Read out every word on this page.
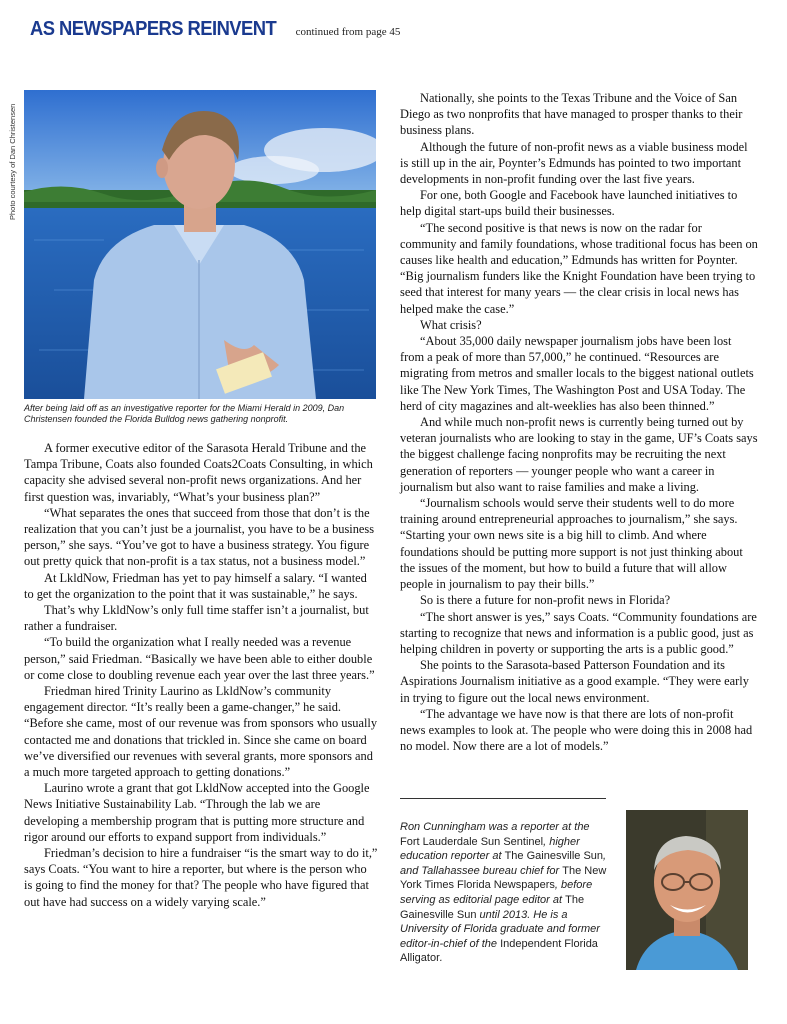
AS NEWSPAPERS REINVENT continued from page 45
Photo courtesy of Dan Christensen
After being laid off as an investigative reporter for the Miami Herald in 2009, Dan Christensen founded the Florida Bulldog news gathering nonprofit.

A former executive editor of the Sarasota Herald Tribune and the Tampa Tribune, Coats also founded Coats2Coats Consulting, in which capacity she advised several non-profit news organizations. And her first question was, invariably, “What’s your business plan?”

“What separates the ones that succeed from those that don’t is the realization that you can’t just be a journalist, you have to be a business person,” she says. “You’ve got to have a business strategy. You figure out pretty quick that non-profit is a tax status, not a business model.”

At LkldNow, Friedman has yet to pay himself a salary. “I wanted to get the organization to the point that it was sustainable,” he says.

That’s why LkldNow’s only full time staffer isn’t a journalist, but rather a fundraiser.

“To build the organization what I really needed was a revenue person,” said Friedman. “Basically we have been able to either double or come close to doubling revenue each year over the last three years.”

Friedman hired Trinity Laurino as LkldNow’s community engagement director. “It’s really been a game-changer,” he said. “Before she came, most of our revenue was from sponsors who usually contacted me and donations that trickled in. Since she came on board we’ve diversified our revenues with several grants, more sponsors and a much more targeted approach to getting donations.”

Laurino wrote a grant that got LkldNow accepted into the Google News Initiative Sustainability Lab. “Through the lab we are developing a membership program that is putting more structure and rigor around our efforts to expand support from individuals.”

Friedman’s decision to hire a fundraiser “is the smart way to do it,” says Coats. “You want to hire a reporter, but where is the person who is going to find the money for that? The people who have figured that out have had success on a widely varying scale.”

Nationally, she points to the Texas Tribune and the Voice of San Diego as two nonprofits that have managed to prosper thanks to their business plans.

Although the future of non-profit news as a viable business model is still up in the air, Poynter’s Edmunds has pointed to two important developments in non-profit funding over the last five years.

For one, both Google and Facebook have launched initiatives to help digital start-ups build their businesses.

“The second positive is that news is now on the radar for community and family foundations, whose traditional focus has been on causes like health and education,” Edmunds has written for Poynter. “Big journalism funders like the Knight Foundation have been trying to seed that interest for many years — the clear crisis in local news has helped make the case.”

What crisis?

“About 35,000 daily newspaper journalism jobs have been lost from a peak of more than 57,000,” he continued. “Resources are migrating from metros and smaller locals to the biggest national outlets like The New York Times, The Washington Post and USA Today. The herd of city magazines and alt-weeklies has also been thinned.”

And while much non-profit news is currently being turned out by veteran journalists who are looking to stay in the game, UF’s Coats says the biggest challenge facing nonprofits may be recruiting the next generation of reporters — younger people who want a career in journalism but also want to raise families and make a living.

“Journalism schools would serve their students well to do more training around entrepreneurial approaches to journalism,” she says. “Starting your own news site is a big hill to climb. And where foundations should be putting more support is not just thinking about the issues of the moment, but how to build a future that will allow people in journalism to pay their bills.”

So is there a future for non-profit news in Florida?

“The short answer is yes,” says Coats. “Community foundations are starting to recognize that news and information is a public good, just as helping children in poverty or supporting the arts is a public good.”

She points to the Sarasota-based Patterson Foundation and its Aspirations Journalism initiative as a good example. “They were early in trying to figure out the local news environment.

“The advantage we have now is that there are lots of non-profit news examples to look at. The people who were doing this in 2008 had no model. Now there are a lot of models.”

Ron Cunningham was a reporter at the Fort Lauderdale Sun Sentinel, higher education reporter at The Gainesville Sun, and Tallahassee bureau chief for The New York Times Florida Newspapers, before serving as editorial page editor at The Gainesville Sun until 2013. He is a University of Florida graduate and former editor-in-chief of the Independent Florida Alligator.
